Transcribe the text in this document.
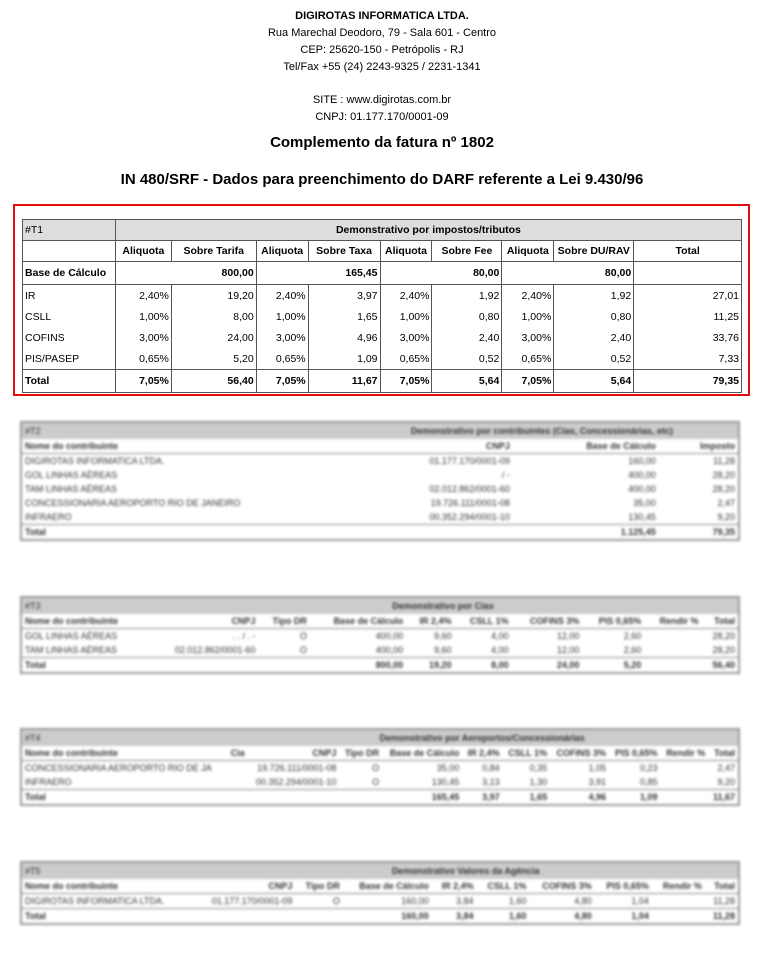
DIGIROTAS INFORMATICA LTDA.
Rua Marechal Deodoro, 79 - Sala 601 - Centro
CEP: 25620-150 - Petrópolis - RJ
Tel/Fax +55 (24) 2243-9325 / 2231-1341
SITE : www.digirotas.com.br
CNPJ: 01.177.170/0001-09
Complemento da fatura nº 1802
IN 480/SRF - Dados para preenchimento do DARF referente a Lei 9.430/96
#T1	Demonstrativo por impostos/tributos								
	Aliquota	Sobre Tarifa	Aliquota	Sobre Taxa	Aliquota	Sobre Fee	Aliquota	Sobre DU/RAV	Total
Base de Cálculo	800,00		165,45		80,00		80,00		
IR	2,40%	19,20	2,40%	3,97	2,40%	1,92	2,40%	1,92	27,01
CSLL	1,00%	8,00	1,00%	1,65	1,00%	0,80	1,00%	0,80	11,25
COFINS	3,00%	24,00	3,00%	4,96	3,00%	2,40	3,00%	2,40	33,76
PIS/PASEP	0,65%	5,20	0,65%	1,09	0,65%	0,52	0,65%	0,52	7,33
Total	7,05%	56,40	7,05%	11,67	7,05%	5,64	7,05%	5,64	79,35
#T2	Demonstrativo por contribuintes (Cias, Concessionárias, etc)		
Nome do contribuinte	CNPJ	Base de Cálculo	Imposto
DIGIROTAS INFORMATICA LTDA.	01.177.170/0001-09	160,00	11,28
GOL LINHAS AÉREAS	/ -	400,00	28,20
TAM LINHAS AÉREAS	02.012.862/0001-60	400,00	28,20
CONCESSIONARIA AEROPORTO RIO DE JANEIRO	19.726.111/0001-08	35,00	2,47
INFRAERO	00.352.294/0001-10	130,45	9,20
Total		1.125,45	79,35
#T3	Demonstrativo por Cias								
Nome do contribuinte	CNPJ	Tipo DR	Base de Cálculo	IR 2,4%	CSLL 1%	COFINS 3%	PIS 0,65%	Rendir %	Total
GOL LINHAS AÉREAS	. . / . -	O	400,00	9,60	4,00	12,00	2,60		28,20
TAM LINHAS AÉREAS	02.012.862/0001-60	O	400,00	9,60	4,00	12,00	2,60		28,20
Total			800,00	19,20	8,00	24,00	5,20		56,40
#T4	Demonstrativo por Aeroportos/Concessionárias									
Nome do contribuinte	Cia	CNPJ	Tipo DR	Base de Cálculo	IR 2,4%	CSLL 1%	COFINS 3%	PIS 0,65%	Rendir %	Total
CONCESSIONARIA AEROPORTO RIO DE JA		19.726.111/0001-08	O	35,00	0,84	0,35	1,05	0,23		2,47
INFRAERO		00.352.294/0001-10	O	130,45	3,13	1,30	3,91	0,85		9,20
Total				165,45	3,97	1,65	4,96	1,09		11,67
#T5	Demonstrativo Valores da Agência								
Nome do contribuinte	CNPJ	Tipo DR	Base de Cálculo	IR 2,4%	CSLL 1%	COFINS 3%	PIS 0,65%	Rendir %	Total
DIGIROTAS INFORMATICA LTDA.	01.177.170/0001-09	O	160,00	3,84	1,60	4,80	1,04		11,28
Total			160,00	3,84	1,60	4,80	1,04		11,28
